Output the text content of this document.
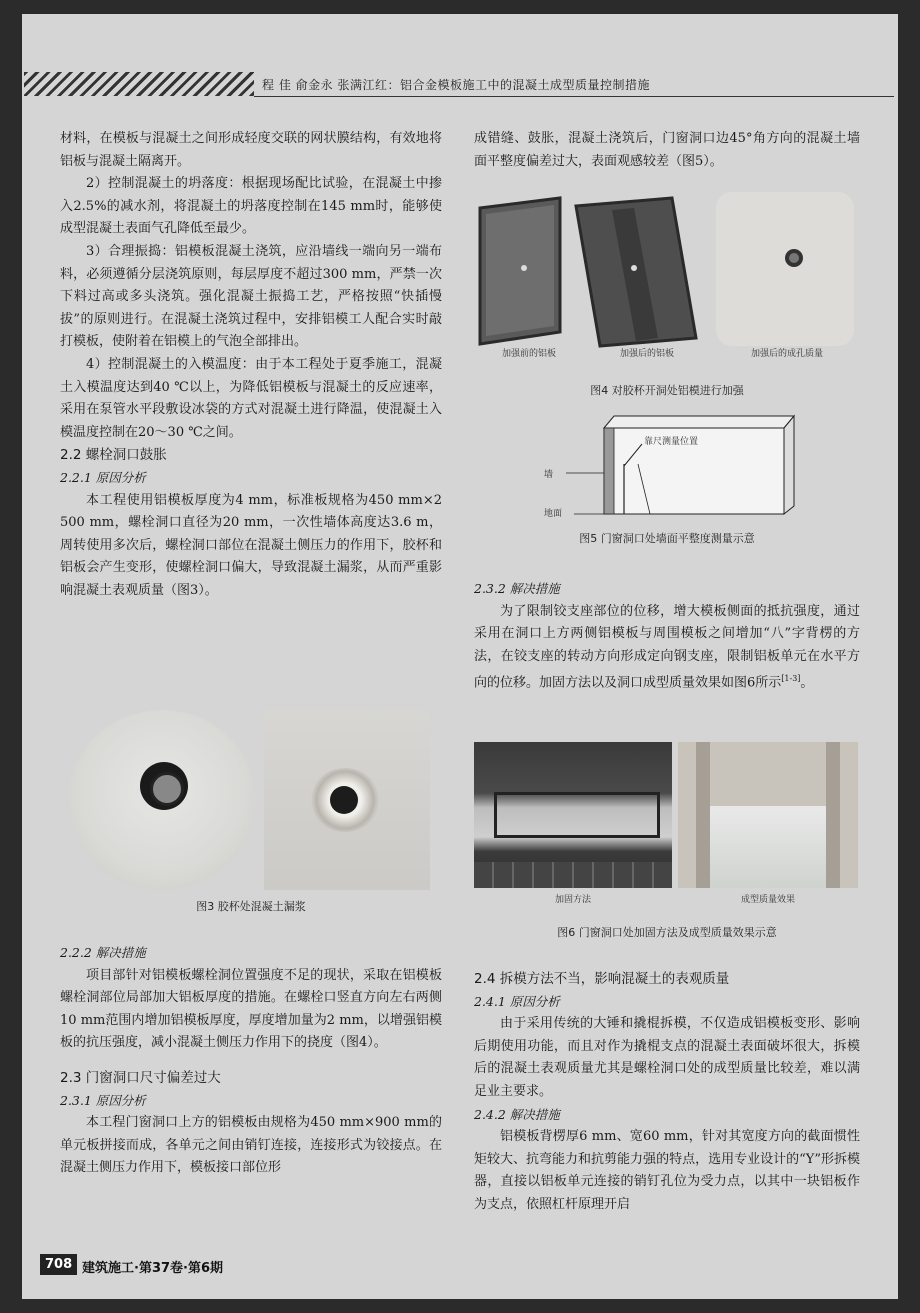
程 佳 俞金永 张满江红：铝合金模板施工中的混凝土成型质量控制措施

材料，在模板与混凝土之间形成轻度交联的网状膜结构，有效地将铝板与混凝土隔离开。

2）控制混凝土的坍落度：根据现场配比试验，在混凝土中掺入2.5%的减水剂，将混凝土的坍落度控制在145 mm时，能够使成型混凝土表面气孔降低至最少。

3）合理振捣：铝模板混凝土浇筑，应沿墙线一端向另一端布料，必须遵循分层浇筑原则，每层厚度不超过300 mm，严禁一次下料过高或多头浇筑。强化混凝土振捣工艺，严格按照“快插慢拔”的原则进行。在混凝土浇筑过程中，安排铝模工人配合实时敲打模板，使附着在铝模上的气泡全部排出。

4）控制混凝土的入模温度：由于本工程处于夏季施工，混凝土入模温度达到40 ℃以上，为降低铝模板与混凝土的反应速率，采用在泵管水平段敷设冰袋的方式对混凝土进行降温，使混凝土入模温度控制在20～30 ℃之间。

2.2 螺栓洞口鼓胀
2.2.1 原因分析

本工程使用铝模板厚度为4 mm，标准板规格为450 mm×2 500 mm，螺栓洞口直径为20 mm，一次性墙体高度达3.6 m，周转使用多次后，螺栓洞口部位在混凝土侧压力的作用下，胶杯和铝板会产生变形，使螺栓洞口偏大，导致混凝土漏浆，从而严重影响混凝土表观质量（图3）。

图3 胶杯处混凝土漏浆
2.2.2 解决措施

项目部针对铝模板螺栓洞位置强度不足的现状，采取在铝模板螺栓洞部位局部加大铝板厚度的措施。在螺栓口竖直方向左右两侧10 mm范围内增加铝模板厚度，厚度增加量为2 mm，以增强铝模板的抗压强度，减小混凝土侧压力作用下的挠度（图4）。

2.3 门窗洞口尺寸偏差过大
2.3.1 原因分析

本工程门窗洞口上方的铝模板由规格为450 mm×900 mm的单元板拼接而成，各单元之间由销钉连接，连接形式为铰接点。在混凝土侧压力作用下，模板接口部位形

成错缝、鼓胀，混凝土浇筑后，门窗洞口边45°角方向的混凝土墙面平整度偏差过大，表面观感较差（图5）。

加强前的铝板	加强后的铝板	加强后的成孔质量
图4 对胶杯开洞处铝模进行加强
靠尺测量位置
墙
地面
图5 门窗洞口处墙面平整度测量示意
2.3.2 解决措施

为了限制铰支座部位的位移，增大模板侧面的抵抗强度，通过采用在洞口上方两侧铝模板与周围模板之间增加“八”字背楞的方法，在铰支座的转动方向形成定向钢支座，限制铝板单元在水平方向的位移。加固方法以及洞口成型质量效果如图6所示[1-3]。

加固方法	成型质量效果
图6 门窗洞口处加固方法及成型质量效果示意
2.4 拆模方法不当，影响混凝土的表观质量
2.4.1 原因分析

由于采用传统的大锤和撬棍拆模，不仅造成铝模板变形、影响后期使用功能，而且对作为撬棍支点的混凝土表面破坏很大，拆模后的混凝土表观质量尤其是螺栓洞口处的成型质量比较差，难以满足业主要求。

2.4.2 解决措施

铝模板背楞厚6 mm、宽60 mm，针对其宽度方向的截面惯性矩较大、抗弯能力和抗剪能力强的特点，选用专业设计的“Y”形拆模器，直接以铝板单元连接的销钉孔位为受力点，以其中一块铝板作为支点，依照杠杆原理开启

708 建筑施工·第37卷·第6期
